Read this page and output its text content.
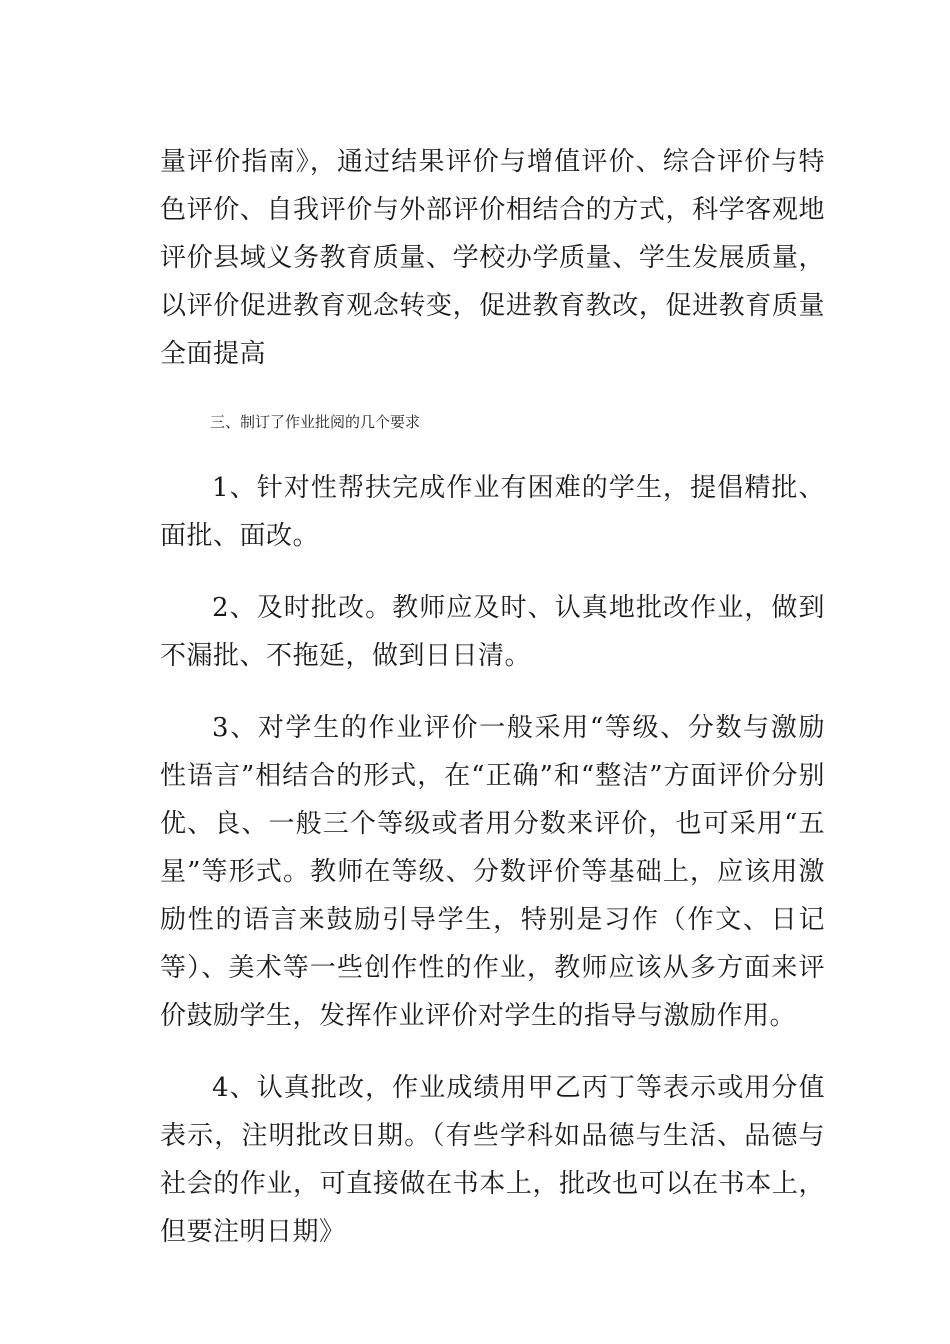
量评价指南》，通过结果评价与增值评价、综合评价与特色评价、自我评价与外部评价相结合的方式，科学客观地评价县域义务教育质量、学校办学质量、学生发展质量，以评价促进教育观念转变，促进教育教改，促进教育质量全面提高

三、制订了作业批阅的几个要求

1、针对性帮扶完成作业有困难的学生，提倡精批、面批、面改。

2、及时批改。教师应及时、认真地批改作业，做到不漏批、不拖延，做到日日清。

3、对学生的作业评价一般采用“等级、分数与激励性语言”相结合的形式，在“正确”和“整洁”方面评价分别优、良、一般三个等级或者用分数来评价，也可采用“五星”等形式。教师在等级、分数评价等基础上，应该用激励性的语言来鼓励引导学生，特别是习作（作文、日记等）、美术等一些创作性的作业，教师应该从多方面来评价鼓励学生，发挥作业评价对学生的指导与激励作用。

4、认真批改，作业成绩用甲乙丙丁等表示或用分值表示，注明批改日期。（有些学科如品德与生活、品德与社会的作业，可直接做在书本上，批改也可以在书本上，但要注明日期》
